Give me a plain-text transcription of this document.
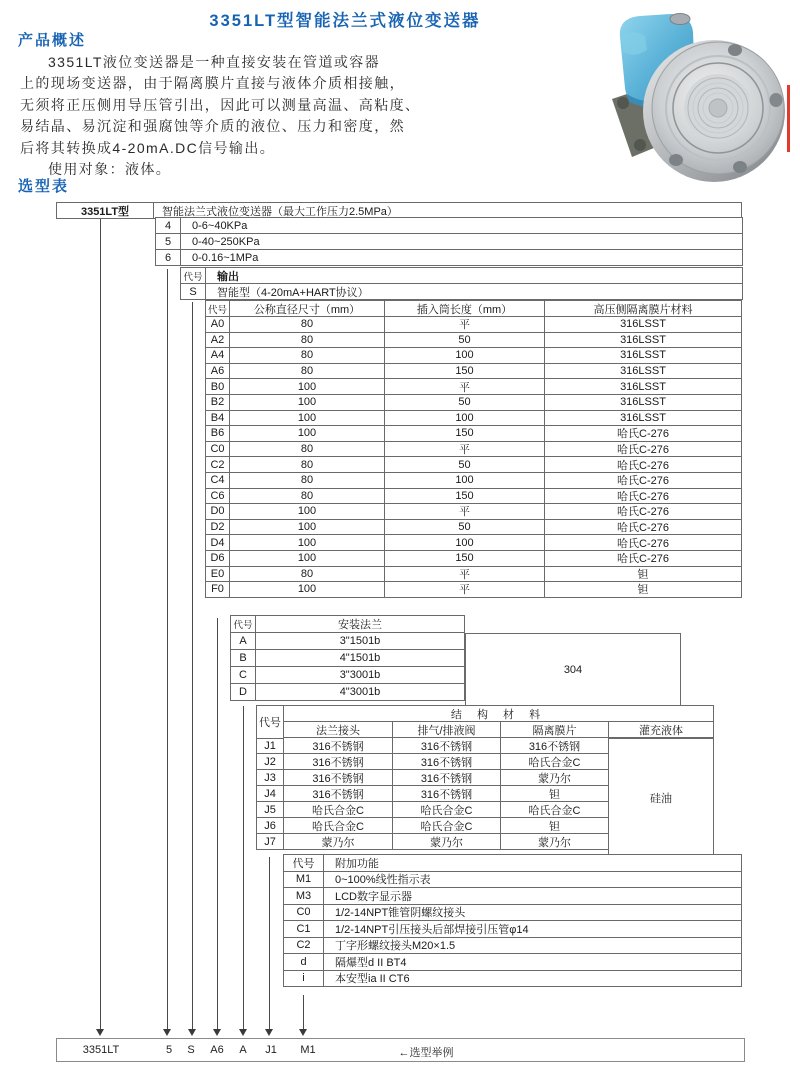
3351LT型智能法兰式液位变送器
产品概述
3351LT液位变送器是一种直接安装在管道或容器
上的现场变送器，由于隔离膜片直接与液体介质相接触，
无须将正压侧用导压管引出，因此可以测量高温、高粘度、
易结晶、易沉淀和强腐蚀等介质的液位、压力和密度，然
后将其转换成4-20mA.DC信号输出。
使用对象：液体。
选型表
3351LT型	智能法兰式液位变送器（最大工作压力2.5MPa）
4	0-6~40KPa
5	0-40~250KPa
6	0-0.16~1MPa
代号	输出
S	智能型（4-20mA+HART协议）
代号	公称直径尺寸（mm）	插入筒长度（mm）	高压侧隔离膜片材料
A0	80	平	316LSST
A2	80	50	316LSST
A4	80	100	316LSST
A6	80	150	316LSST
B0	100	平	316LSST
B2	100	50	316LSST
B4	100	100	316LSST
B6	100	150	哈氏C-276
C0	80	平	哈氏C-276
C2	80	50	哈氏C-276
C4	80	100	哈氏C-276
C6	80	150	哈氏C-276
D0	100	平	哈氏C-276
D2	100	50	哈氏C-276
D4	100	100	哈氏C-276
D6	100	150	哈氏C-276
E0	80	平	钽
F0	100	平	钽
代号	安装法兰
304
A	3"1501b
B	4"1501b
C	3"3001b
D	4"3001b
代号
结 构 材 料
法兰接头	排气/排液阀	隔离膜片	灌充液体
硅油
J1	316不锈钢	316不锈钢	316不锈钢
J2	316不锈钢	316不锈钢	哈氏合金C
J3	316不锈钢	316不锈钢	蒙乃尔
J4	316不锈钢	316不锈钢	钽
J5	哈氏合金C	哈氏合金C	哈氏合金C
J6	哈氏合金C	哈氏合金C	钽
J7	蒙乃尔	蒙乃尔	蒙乃尔
代号	附加功能
M1	0~100%线性指示表
M3	LCD数字显示器
C0	1/2-14NPT锥管阴螺纹接头
C1	1/2-14NPT引压接头后部焊接引压管φ14
C2	丁字形螺纹接头M20×1.5
d	隔爆型d II BT4
i	本安型ia II CT6
3351LT	5	S	A6	A	J1	M1	←选型举例
